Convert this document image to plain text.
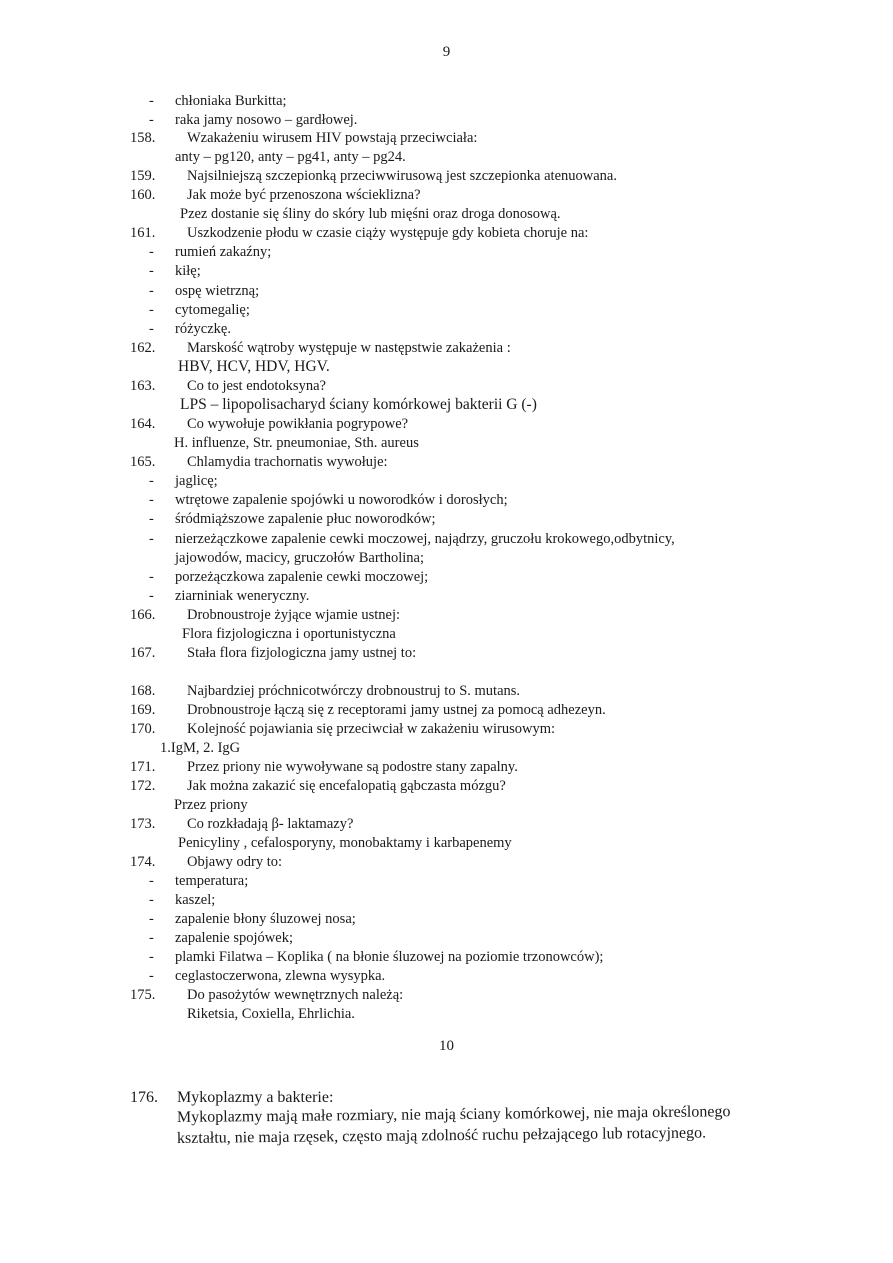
9
- chłoniaka Burkitta;
- raka jamy nosowo – gardłowej.
158. Wzakażeniu wirusem HIV powstają przeciwciała:
anty – pg120, anty – pg41, anty – pg24.
159. Najsilniejszą szczepionką przeciwwirusową jest szczepionka atenuowana.
160. Jak może być przenoszona wścieklizna?
Pzez dostanie się śliny do skóry lub mięśni oraz droga donosową.
161. Uszkodzenie płodu w czasie ciąży występuje gdy kobieta choruje na:
- rumień zakaźny;
- kiłę;
- ospę wietrzną;
- cytomegalię;
- różyczkę.
162. Marskość wątroby występuje w następstwie zakażenia :
HBV, HCV, HDV, HGV.
163. Co to jest endotoksyna?
LPS – lipopolisacharyd ściany komórkowej bakterii G (-)
164. Co wywołuje powikłania pogrypowe?
H. influenze, Str. pneumoniae, Sth. aureus
165. Chlamydia trachornatis wywołuje:
- jaglicę;
- wtrętowe zapalenie spojówki u noworodków i dorosłych;
- śródmiąższowe zapalenie płuc noworodków;
- nierzeżączkowe zapalenie cewki moczowej, najądrzy, gruczołu krokowego,odbytnicy,
jajowodów, macicy, gruczołów Bartholina;
- porzeżączkowa zapalenie cewki moczowej;
- ziarniniak weneryczny.
166. Drobnoustroje żyjące wjamie ustnej:
Flora fizjologiczna i oportunistyczna
167. Stała flora fizjologiczna jamy ustnej to:
168. Najbardziej próchnicotwórczy drobnoustruj to S. mutans.
169. Drobnoustroje łączą się z receptorami jamy ustnej za pomocą adhezeyn.
170. Kolejność pojawiania się przeciwciał w zakażeniu wirusowym:
1.IgM, 2. IgG
171. Przez priony nie wywoływane są podostre stany zapalny.
172. Jak można zakazić się encefalopatią gąbczasta mózgu?
Przez priony
173. Co rozkładają β- laktamazy?
Penicyliny , cefalosporyny, monobaktamy i karbapenemy
174. Objawy odry to:
- temperatura;
- kaszel;
- zapalenie błony śluzowej nosa;
- zapalenie spojówek;
- plamki Filatwa – Koplika ( na błonie śluzowej na poziomie trzonowców);
- ceglastoczerwona, zlewna wysypka.
175. Do pasożytów wewnętrznych należą:
Riketsia, Coxiella, Ehrlichia.
10
176. Mykoplazmy a bakterie:
Mykoplazmy mają małe rozmiary, nie mają ściany komórkowej, nie maja określonego
kształtu, nie maja rzęsek, często mają zdolność ruchu pełzającego lub rotacyjnego.
